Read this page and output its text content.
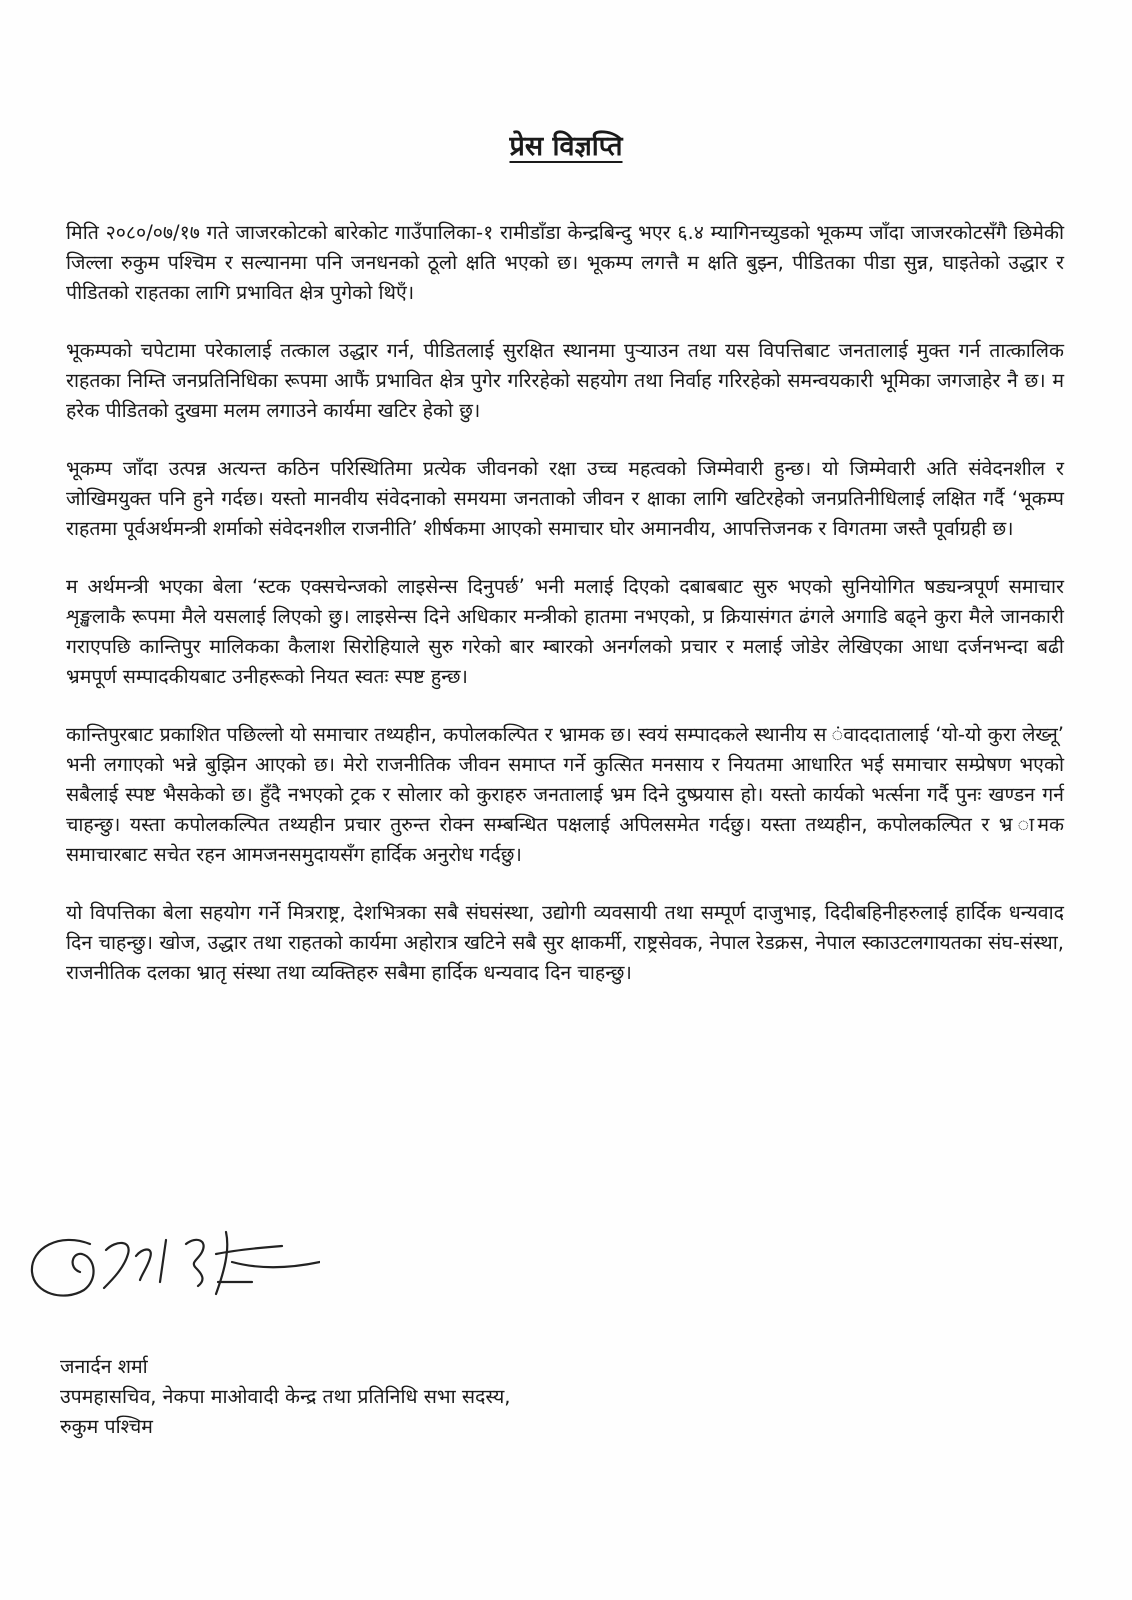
प्रेस विज्ञप्ति

मिति २०८०/०७/१७ गते जाजरकोटको बारेकोट गाउँपालिका-१ रामीडाँडा केन्द्रबिन्दु भएर ६.४ म्यागिनच्युडको भूकम्प जाँदा जाजरकोटसँगै छिमेकी जिल्ला रुकुम पश्चिम र सल्यानमा पनि जनधनको ठूलो क्षति भएको छ। भूकम्प लगत्तै म क्षति बुझ्न, पीडितका पीडा सुन्न, घाइतेको उद्धार र पीडितको राहतका लागि प्रभावित क्षेत्र पुगेको थिएँ।

भूकम्पको चपेटामा परेकालाई तत्काल उद्धार गर्न, पीडितलाई सुरक्षित स्थानमा पुऱ्याउन तथा यस विपत्तिबाट जनतालाई मुक्त गर्न तात्कालिक राहतका निम्ति जनप्रतिनिधिका रूपमा आफैं प्रभावित क्षेत्र पुगेर गरिरहेको सहयोग तथा निर्वाह गरिरहेको समन्वयकारी भूमिका जगजाहेर नै छ। म हरेक पीडितको दुखमा मलम लगाउने कार्यमा खटिर हेको छु।

भूकम्प जाँदा उत्पन्न अत्यन्त कठिन परिस्थितिमा प्रत्येक जीवनको रक्षा उच्च महत्वको जिम्मेवारी हुन्छ। यो जिम्मेवारी अति संवेदनशील र जोखिमयुक्त पनि हुने गर्दछ। यस्तो मानवीय संवेदनाको समयमा जनताको जीवन र क्षाका लागि खटिरहेको जनप्रतिनीधिलाई लक्षित गर्दै ‘भूकम्प राहतमा पूर्वअर्थमन्त्री शर्माको संवेदनशील राजनीति’ शीर्षकमा आएको समाचार घोर अमानवीय, आपत्तिजनक र विगतमा जस्तै पूर्वाग्रही छ।

म अर्थमन्त्री भएका बेला ‘स्टक एक्सचेन्जको लाइसेन्स दिनुपर्छ’ भनी मलाई दिएको दबाबबाट सुरु भएको सुनियोगित षड्यन्त्रपूर्ण समाचार शृङ्खलाकै रूपमा मैले यसलाई लिएको छु। लाइसेन्स दिने अधिकार मन्त्रीको हातमा नभएको, प्र क्रियासंगत ढंगले अगाडि बढ्ने कुरा मैले जानकारी गराएपछि कान्तिपुर मालिकका कैलाश सिरोहियाले सुरु गरेको बार म्बारको अनर्गलको प्रचार र मलाई जोडेर लेखिएका आधा दर्जनभन्दा बढी भ्रमपूर्ण सम्पादकीयबाट उनीहरूको नियत स्वतः स्पष्ट हुन्छ।

कान्तिपुरबाट प्रकाशित पछिल्लो यो समाचार तथ्यहीन, कपोलकल्पित र भ्रामक छ। स्वयं सम्पादकले स्थानीय स ंवाददातालाई ‘यो-यो कुरा लेख्नू’ भनी लगाएको भन्ने बुझिन आएको छ। मेरो राजनीतिक जीवन समाप्त गर्ने कुत्सित मनसाय र नियतमा आधारित भई समाचार सम्प्रेषण भएको सबैलाई स्पष्ट भैसकेको छ। हुँदै नभएको ट्रक र सोलार को कुराहरु जनतालाई भ्रम दिने दुष्प्रयास हो। यस्तो कार्यको भर्त्सना गर्दै पुनः खण्डन गर्न चाहन्छु। यस्ता कपोलकल्पित तथ्यहीन प्रचार तुरुन्त रोक्न सम्बन्धित पक्षलाई अपिलसमेत गर्दछु। यस्ता तथ्यहीन, कपोलकल्पित र भ्र ामक समाचारबाट सचेत रहन आमजनसमुदायसँग हार्दिक अनुरोध गर्दछु।

यो विपत्तिका बेला सहयोग गर्ने मित्रराष्ट्र, देशभित्रका सबै संघसंस्था, उद्योगी व्यवसायी तथा सम्पूर्ण दाजुभाइ, दिदीबहिनीहरुलाई हार्दिक धन्यवाद दिन चाहन्छु। खोज, उद्धार तथा राहतको कार्यमा अहोरात्र खटिने सबै सुर क्षाकर्मी, राष्ट्रसेवक, नेपाल रेडक्रस, नेपाल स्काउटलगायतका संघ-संस्था, राजनीतिक दलका भ्रातृ संस्था तथा व्यक्तिहरु सबैमा हार्दिक धन्यवाद दिन चाहन्छु।

जनार्दन शर्मा
उपमहासचिव, नेकपा माओवादी केन्द्र तथा प्रतिनिधि सभा सदस्य,
रुकुम पश्चिम
